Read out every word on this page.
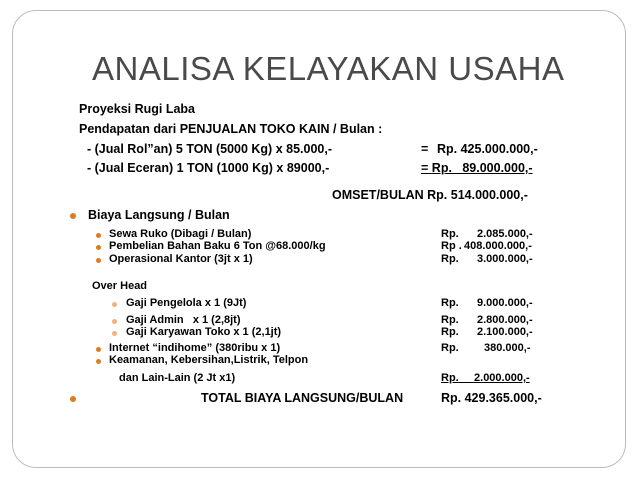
ANALISA KELAYAKAN USAHA
Proyeksi Rugi Laba
Pendapatan dari PENJUALAN TOKO KAIN / Bulan :
- (Jual Rol”an) 5 TON (5000 Kg) x 85.000,-	= Rp. 425.000.000,-
- (Jual Eceran) 1 TON (1000 Kg) x 89000,-	= Rp.   89.000.000,-
OMSET/BULAN Rp. 514.000.000,-
Biaya Langsung / Bulan
Sewa Ruko (Dibagi / Bulan)	Rp. 2.085.000,-
Pembelian Bahan Baku 6 Ton @68.000/kg	Rp . 408.000.000,-
Operasional Kantor (3jt x 1)	Rp. 3.000.000,-
Over Head
Gaji Pengelola x 1 (9Jt)	Rp. 9.000.000,-
Gaji Admin   x 1 (2,8jt)	Rp. 2.800.000,-
Gaji Karyawan Toko x 1 (2,1jt)	Rp. 2.100.000,-
Internet “indihome” (380ribu x 1)	Rp. 380.000,-
Keamanan, Kebersihan,Listrik, Telpon
dan Lain-Lain (2 Jt x1)	Rp. 2.000.000,-
TOTAL BIAYA LANGSUNG/BULAN	Rp. 429.365.000,-
